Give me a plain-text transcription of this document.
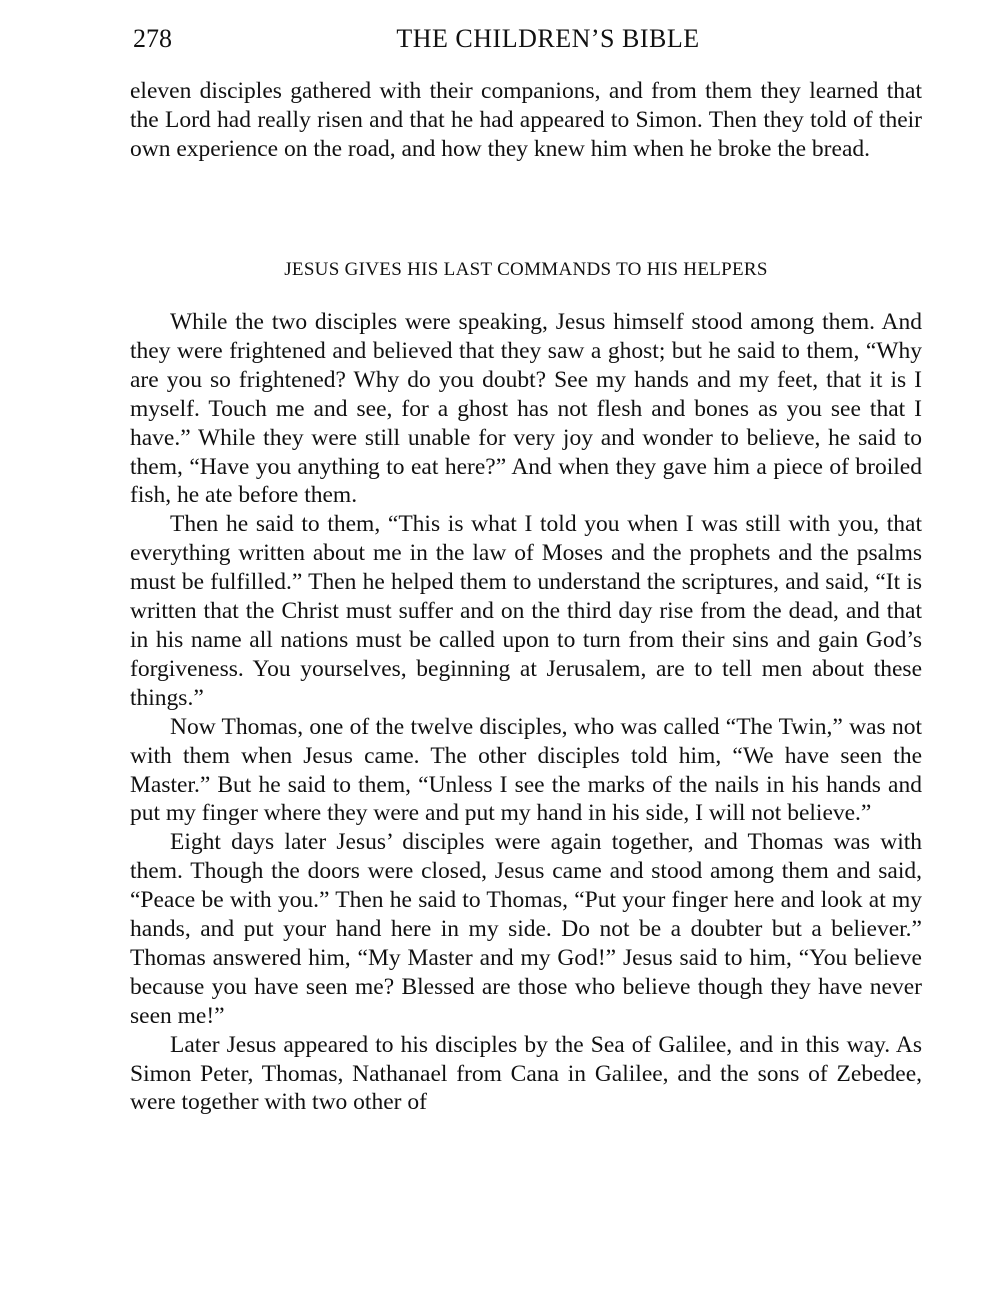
278	THE CHILDREN’S BIBLE

eleven disciples gathered with their companions, and from them they learned that the Lord had really risen and that he had appeared to Simon. Then they told of their own experience on the road, and how they knew him when he broke the bread.

JESUS GIVES HIS LAST COMMANDS TO HIS HELPERS

While the two disciples were speaking, Jesus himself stood among them. And they were frightened and believed that they saw a ghost; but he said to them, “Why are you so frightened? Why do you doubt? See my hands and my feet, that it is I myself. Touch me and see, for a ghost has not flesh and bones as you see that I have.” While they were still unable for very joy and wonder to believe, he said to them, “Have you anything to eat here?” And when they gave him a piece of broiled fish, he ate before them.

Then he said to them, “This is what I told you when I was still with you, that everything written about me in the law of Moses and the prophets and the psalms must be fulfilled.” Then he helped them to understand the scriptures, and said, “It is written that the Christ must suffer and on the third day rise from the dead, and that in his name all nations must be called upon to turn from their sins and gain God’s forgiveness. You yourselves, beginning at Jerusalem, are to tell men about these things.”

Now Thomas, one of the twelve disciples, who was called “The Twin,” was not with them when Jesus came. The other disciples told him, “We have seen the Master.” But he said to them, “Unless I see the marks of the nails in his hands and put my finger where they were and put my hand in his side, I will not believe.”

Eight days later Jesus’ disciples were again together, and Thomas was with them. Though the doors were closed, Jesus came and stood among them and said, “Peace be with you.” Then he said to Thomas, “Put your finger here and look at my hands, and put your hand here in my side. Do not be a doubter but a believer.” Thomas answered him, “My Master and my God!” Jesus said to him, “You believe because you have seen me? Blessed are those who believe though they have never seen me!”

Later Jesus appeared to his disciples by the Sea of Galilee, and in this way. As Simon Peter, Thomas, Nathanael from Cana in Galilee, and the sons of Zebedee, were together with two other of
